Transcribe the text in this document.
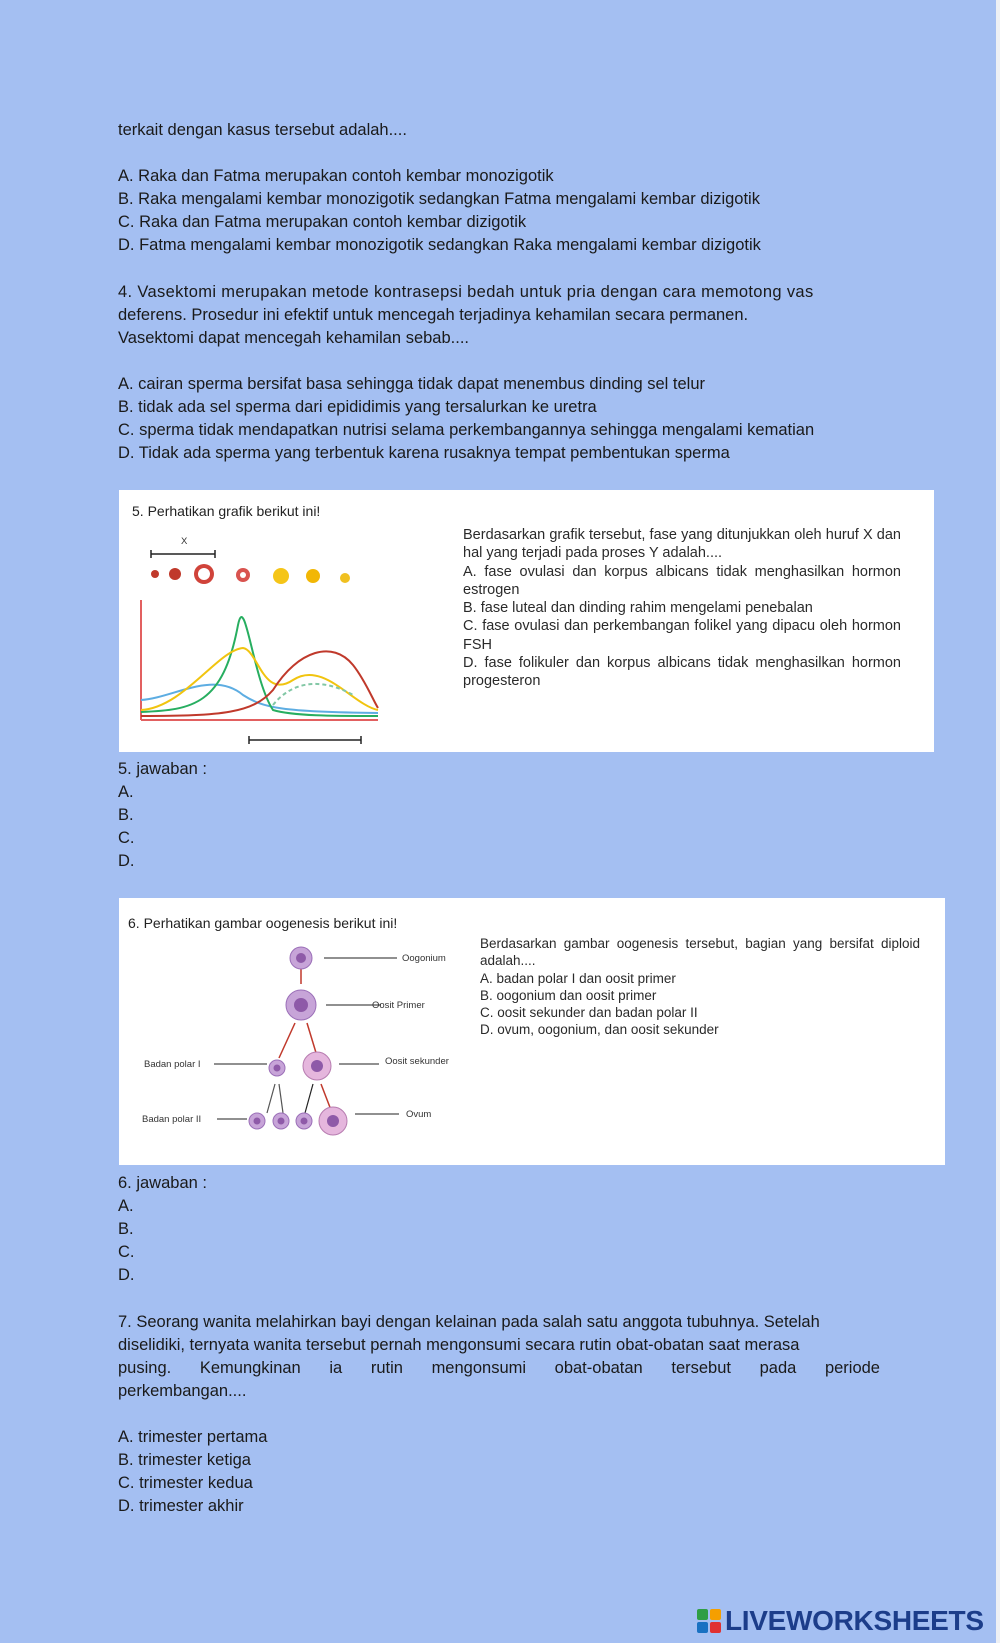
terkait dengan kasus tersebut adalah....
A. Raka dan Fatma merupakan contoh kembar monozigotik
B. Raka mengalami kembar monozigotik sedangkan Fatma mengalami kembar dizigotik
C. Raka dan Fatma merupakan contoh kembar dizigotik
D. Fatma mengalami kembar monozigotik sedangkan Raka mengalami kembar dizigotik
4. Vasektomi merupakan metode kontrasepsi bedah untuk pria dengan cara memotong vas
deferens. Prosedur ini efektif untuk mencegah terjadinya kehamilan secara permanen.
Vasektomi dapat mencegah kehamilan sebab....
A. cairan sperma bersifat basa sehingga tidak dapat menembus dinding sel telur
B. tidak ada sel sperma dari epididimis yang tersalurkan ke uretra
C. sperma tidak mendapatkan nutrisi selama perkembangannya sehingga mengalami kematian
D. Tidak ada sperma yang terbentuk karena rusaknya tempat pembentukan sperma
5. Perhatikan grafik berikut ini!
X
Y
Berdasarkan grafik tersebut, fase yang ditunjukkan oleh huruf X dan hal yang terjadi pada proses Y adalah....
A. fase ovulasi dan korpus albicans tidak menghasilkan hormon estrogen
B. fase luteal dan dinding rahim mengelami penebalan
C. fase ovulasi dan perkembangan folikel yang dipacu oleh hormon FSH
D. fase folikuler dan korpus albicans tidak menghasilkan hormon progesteron
5. jawaban :
A.
B.
C.
D.
6. Perhatikan gambar oogenesis berikut ini!
Oogonium
Oosit Primer
Badan polar I	Oosit sekunder
Badan polar II	Ovum
Berdasarkan gambar oogenesis tersebut, bagian yang bersifat diploid adalah....
A. badan polar I dan oosit primer
B. oogonium dan oosit primer
C. oosit sekunder dan badan polar II
D. ovum, oogonium, dan oosit sekunder
6. jawaban :
A.
B.
C.
D.
7. Seorang wanita melahirkan bayi dengan kelainan pada salah satu anggota tubuhnya. Setelah
diselidiki, ternyata wanita tersebut pernah mengonsumi secara rutin obat-obatan saat merasa
pusing. Kemungkinan ia rutin mengonsumi obat-obatan tersebut pada periode
perkembangan....
A. trimester pertama
B. trimester ketiga
C. trimester kedua
D. trimester akhir
LIVEWORKSHEETS
